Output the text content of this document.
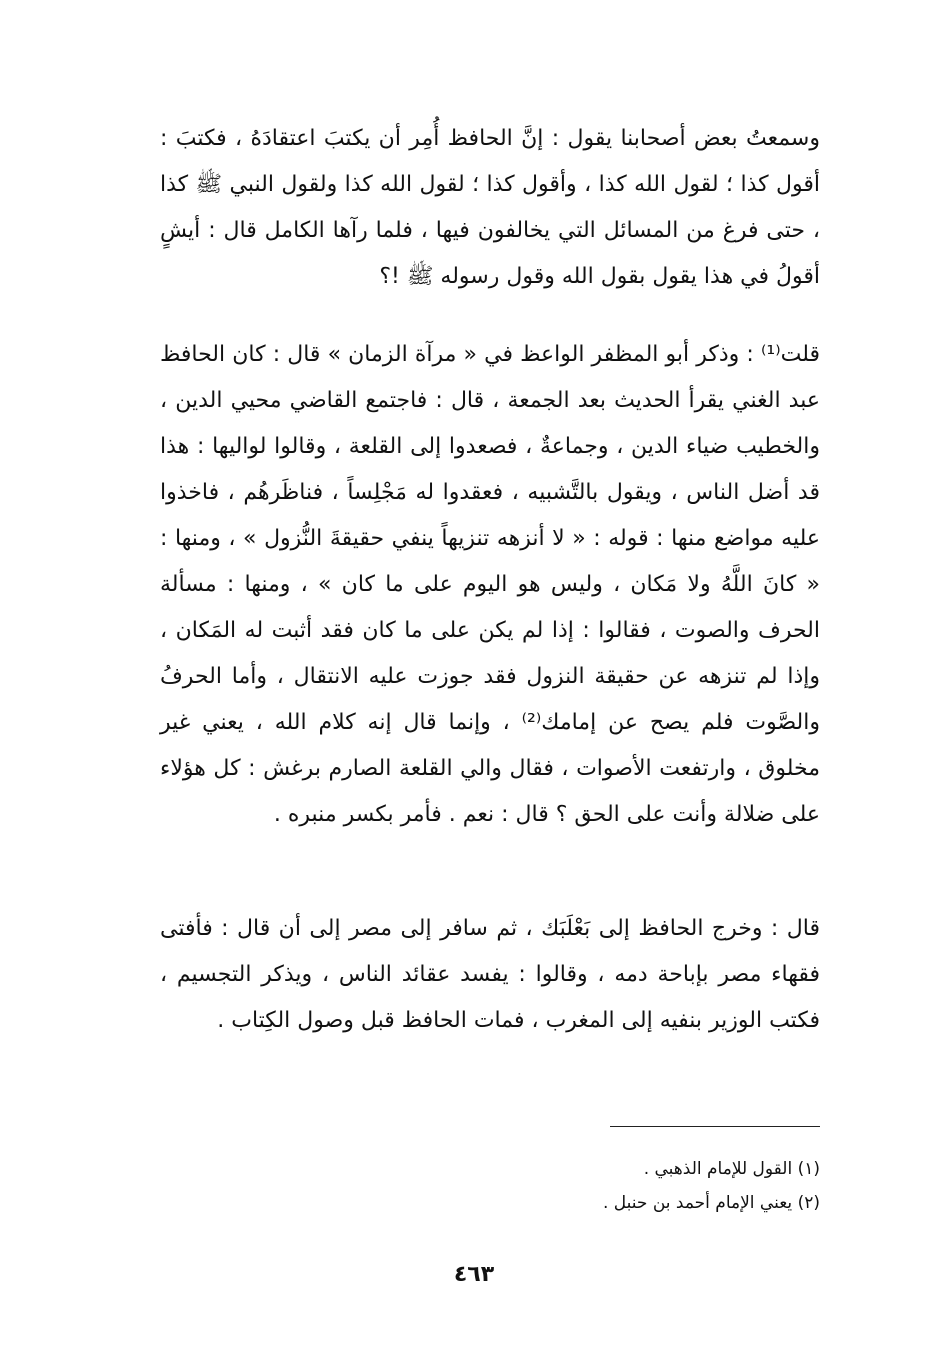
وسمعتُ بعض أصحابنا يقول : إنَّ الحافظ أُمِر أن يكتبَ اعتقادَهُ ، فكتبَ : أقول كذا ؛ لقول الله كذا ، وأقول كذا ؛ لقول الله كذا ولقول النبي ﷺ كذا ، حتى فرغ من المسائل التي يخالفون فيها ، فلما رآها الكامل قال : أيشٍ أقولُ في هذا يقول بقول الله وقول رسوله ﷺ !؟

قلت⁽¹⁾ : وذكر أبو المظفر الواعظ في « مرآة الزمان » قال : كان الحافظ عبد الغني يقرأ الحديث بعد الجمعة ، قال : فاجتمع القاضي محيي الدين ، والخطيب ضياء الدين ، وجماعةٌ ، فصعدوا إلى القلعة ، وقالوا لواليها : هذا قد أضل الناس ، ويقول بالتَّشبيه ، فعقدوا له مَجْلِساً ، فناظَرهُم ، فاخذوا عليه مواضع منها : قوله : « لا أنزهه تنزيهاً ينفي حقيقةَ النُّزول » ، ومنها : « كانَ اللَّهُ ولا مَكان ، وليس هو اليوم على ما كان » ، ومنها : مسألة الحرف والصوت ، فقالوا : إذا لم يكن على ما كان فقد أثبت له المَكان ، وإذا لم تنزهه عن حقيقة النزول فقد جوزت عليه الانتقال ، وأما الحرفُ والصَّوت فلم يصح عن إمامك⁽²⁾ ، وإنما قال إنه كلام الله ، يعني غير مخلوق ، وارتفعت الأصوات ، فقال والي القلعة الصارم برغش : كل هؤلاء على ضلالة وأنت على الحق ؟ قال : نعم . فأمر بكسر منبره .

قال : وخرج الحافظ إلى بَعْلَبَك ، ثم سافر إلى مصر إلى أن قال : فأفتى فقهاء مصر بإباحة دمه ، وقالوا : يفسد عقائد الناس ، ويذكر التجسيم ، فكتب الوزير بنفيه إلى المغرب ، فمات الحافظ قبل وصول الكِتاب .

(١) القول للإمام الذهبي .
(٢) يعني الإمام أحمد بن حنبل .
٤٦٣
